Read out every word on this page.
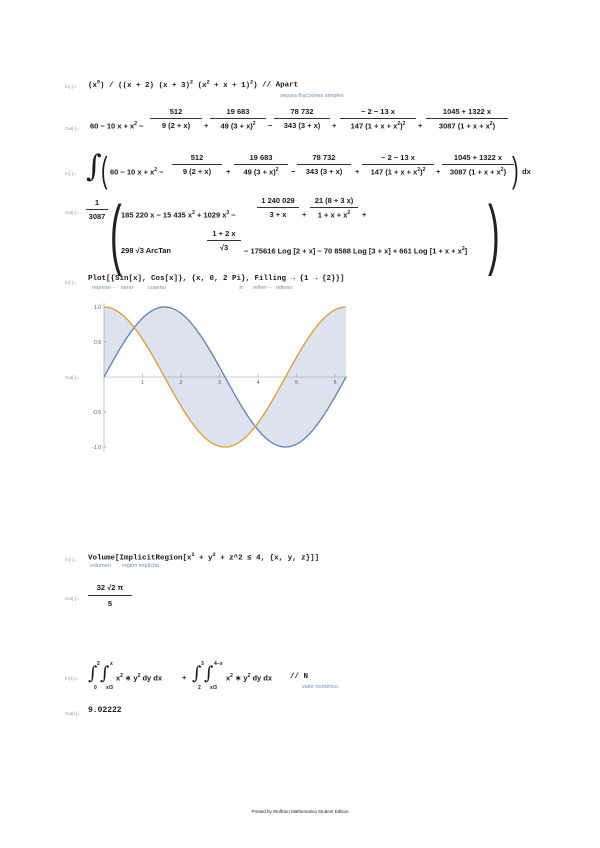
In[-]:= $(x^9) / ((x + 2) (x + 3)^2$ $(x^2 + x + 1)^2$) // Apart
separa fracciones simples
Out[-]= 60 − 10 $x + x^2$ −
512
9 (2 + x)	+
19 683
49 $(3 + x)^2$	−
78 732
343 (3 + x)	+
− 2 − 13 x
147 $(1 + x + x^2)^2$	+
1045 + 1322 x
3087 $(1 + x + x^2)$
In[-]:= ∫ ( 60 − 10 $x + x^2$ −
512
9 (2 + x)	+
19 683
49 $(3 + x)^2$	−
78 732
343 (3 + x)	+
− 2 − 13 x
147 $(1 + x + x^2)^2$	+
1045 + 1322 x
3087 $(1 + x + x^2)$ ) dx
Out[-]=
1
3087 ( 185 220 x − 15 435 $x^2 + 1029$ $x^3$ −
1 240 029
3 + x	+
21 (8 + 3 x)
$1 + x + x^2$	+
298 √3 ArcTan
1 + 2 x
√3	− 175616 Log [2 + x] − 70 8588 Log [3 + x] + 661 Log $[1 + x + x^2]$ )
In[-]:= Plot[{Sin[x], Cos[x]}, {x, 0, 2 Pi}, Filling → {1 → {2}}]
represe··· seno	coseno	π rellen··· relleno
Out[-]=
1	2	3	4	5	6
1.0
0.5
-0.5
-1.0
In[-]:= $Volume[ImplicitRegion[x^2 + y^2$ + z^2 ≤ 4, {x, y, z}]]
volumen región implícita
Out[-]=
32 √2 π
5
In[1]:= ∫ 2
0
∫ x
x/3
$x^2$ ∗ $y^2$ dy dx	+ ∫ 3
2
∫ 4−x
x/3
$x^2$ ∗ $y^2$ dy dx // N
valor numérico
Out[1]= 9.02222
Printed by Wolfram Mathematica Student Edition
